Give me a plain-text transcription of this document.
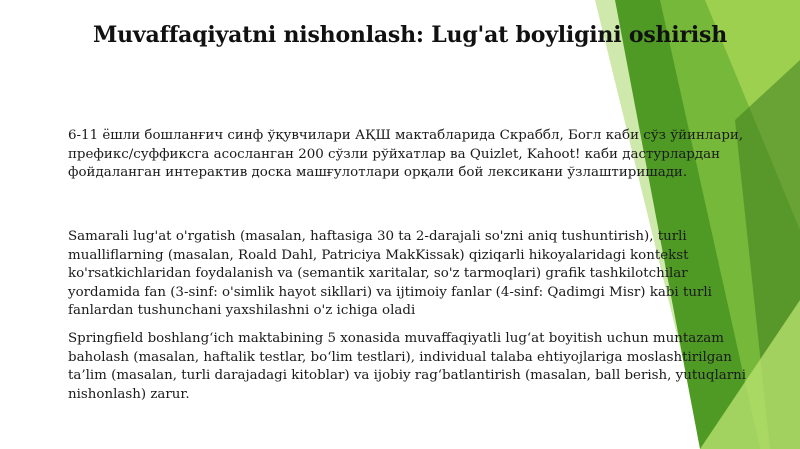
Muvaffaqiyatni nishonlash: Lug'at boyligini oshirish

6-11 ёшли бошланғич синф ўқувчилари АҚШ мактабларида Скраббл, Богл каби сўз ўйинлари, префикс/суффиксга асосланган 200 сўзли рўйхатлар ва Quizlet, Kahoot! каби дастурлардан фойдаланган интерактив доска машғулотлари орқали бой лексикани ўзлаштиришади.

Samarali lug'at o'rgatish (masalan, haftasiga 30 ta 2-darajali so'zni aniq tushuntirish), turli mualliflarning (masalan, Roald Dahl, Patriciya MakKissak) qiziqarli hikoyalaridagi kontekst ko'rsatkichlaridan foydalanish va (semantik xaritalar, so'z tarmoqlari) grafik tashkilotchilar yordamida fan (3-sinf: o'simlik hayot sikllari) va ijtimoiy fanlar (4-sinf: Qadimgi Misr) kabi turli fanlardan tushunchani yaxshilashni o'z ichiga oladi

Springfield boshlang‘ich maktabining 5 xonasida muvaffaqiyatli lug‘at boyitish uchun muntazam baholash (masalan, haftalik testlar, bo‘lim testlari), individual talaba ehtiyojlariga moslashtirilgan ta’lim (masalan, turli darajadagi kitoblar) va ijobiy rag‘batlantirish (masalan, ball berish, yutuqlarni nishonlash) zarur.
